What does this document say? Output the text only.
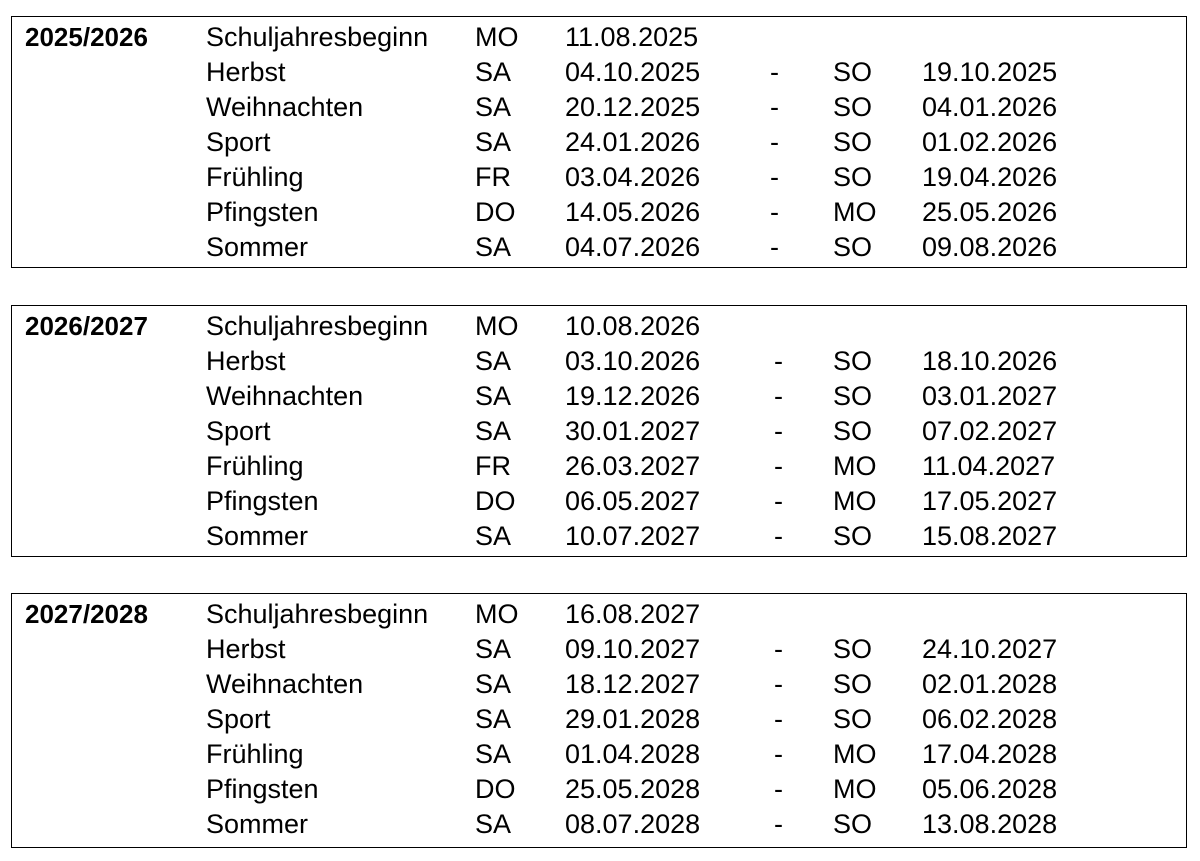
2025/2026 Schuljahresbeginn MO 11.08.2025
Herbst	SA 04.10.2025	- SO 19.10.2025
Weihnachten	SA 20.12.2025	- SO 04.01.2026
Sport	SA 24.01.2026	- SO 01.02.2026
Frühling	FR 03.04.2026	- SO 19.04.2026
Pfingsten	DO 14.05.2026	- MO 25.05.2026
Sommer	SA 04.07.2026	- SO 09.08.2026
2026/2027 Schuljahresbeginn MO 10.08.2026
Herbst	SA 03.10.2026	- SO 18.10.2026
Weihnachten	SA 19.12.2026	- SO 03.01.2027
Sport	SA 30.01.2027	- SO 07.02.2027
Frühling	FR 26.03.2027	- MO 11.04.2027
Pfingsten	DO 06.05.2027	- MO 17.05.2027
Sommer	SA 10.07.2027	- SO 15.08.2027
2027/2028 Schuljahresbeginn MO 16.08.2027
Herbst	SA 09.10.2027	- SO 24.10.2027
Weihnachten	SA 18.12.2027	- SO 02.01.2028
Sport	SA 29.01.2028	- SO 06.02.2028
Frühling	SA 01.04.2028	- MO 17.04.2028
Pfingsten	DO 25.05.2028	- MO 05.06.2028
Sommer	SA 08.07.2028	- SO 13.08.2028
